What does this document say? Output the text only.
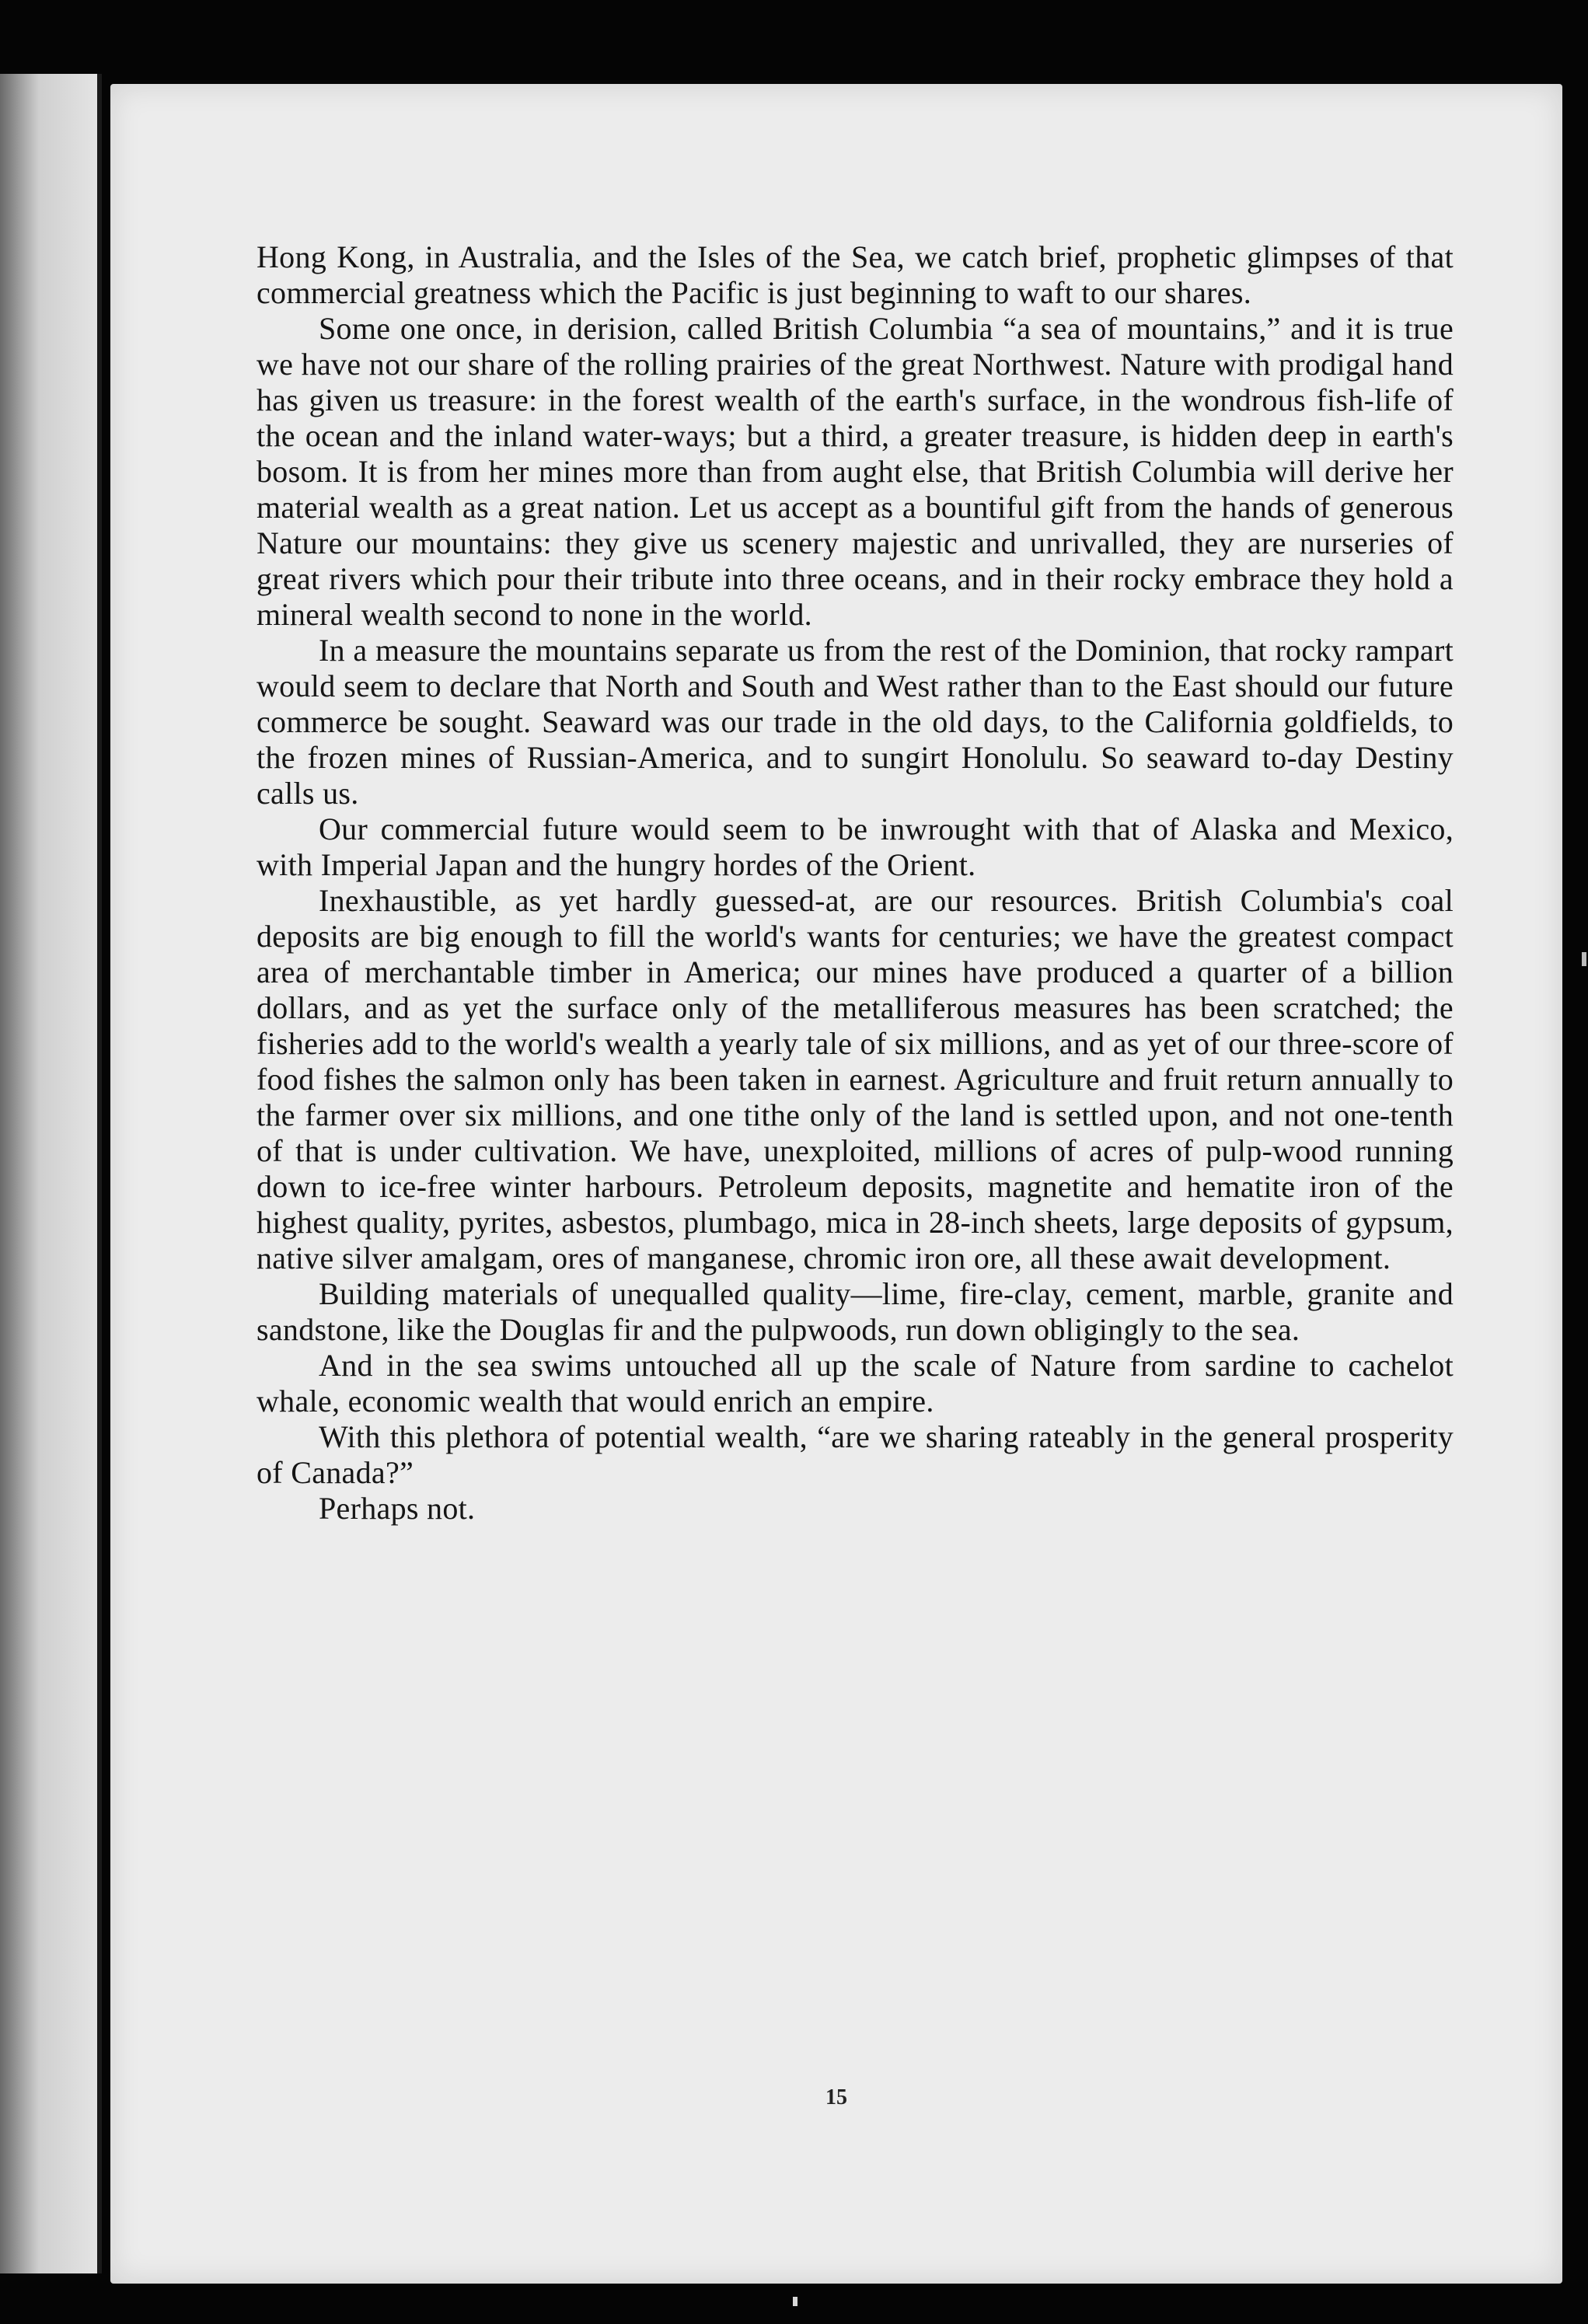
Hong Kong, in Australia, and the Isles of the Sea, we catch brief, prophetic glimpses of that commercial greatness which the Pacific is just beginning to waft to our shares.

Some one once, in derision, called British Columbia “a sea of mountains,” and it is true we have not our share of the rolling prairies of the great Northwest. Nature with prodigal hand has given us treasure: in the forest wealth of the earth's surface, in the wondrous fish-life of the ocean and the inland water-ways; but a third, a greater treasure, is hidden deep in earth's bosom. It is from her mines more than from aught else, that British Columbia will derive her material wealth as a great nation. Let us accept as a bountiful gift from the hands of generous Nature our mountains: they give us scenery majestic and unrivalled, they are nurseries of great rivers which pour their tribute into three oceans, and in their rocky embrace they hold a mineral wealth second to none in the world.

In a measure the mountains separate us from the rest of the Dominion, that rocky rampart would seem to declare that North and South and West rather than to the East should our future commerce be sought. Seaward was our trade in the old days, to the California goldfields, to the frozen mines of Russian-America, and to sungirt Honolulu. So seaward to-day Destiny calls us.

Our commercial future would seem to be inwrought with that of Alaska and Mexico, with Imperial Japan and the hungry hordes of the Orient.

Inexhaustible, as yet hardly guessed-at, are our resources. British Columbia's coal deposits are big enough to fill the world's wants for centuries; we have the greatest compact area of merchantable timber in America; our mines have produced a quarter of a billion dollars, and as yet the surface only of the metalliferous measures has been scratched; the fisheries add to the world's wealth a yearly tale of six millions, and as yet of our three-score of food fishes the salmon only has been taken in earnest. Agriculture and fruit return annually to the farmer over six millions, and one tithe only of the land is settled upon, and not one-tenth of that is under cultivation. We have, unexploited, millions of acres of pulp-wood running down to ice-free winter harbours. Petroleum deposits, magnetite and hematite iron of the highest quality, pyrites, asbestos, plumbago, mica in 28-inch sheets, large deposits of gypsum, native silver amalgam, ores of manganese, chromic iron ore, all these await development.

Building materials of unequalled quality—lime, fire-clay, cement, marble, granite and sandstone, like the Douglas fir and the pulpwoods, run down obligingly to the sea.

And in the sea swims untouched all up the scale of Nature from sardine to cachelot whale, economic wealth that would enrich an empire.

With this plethora of potential wealth, “are we sharing rateably in the general prosperity of Canada?”

Perhaps not.

15
